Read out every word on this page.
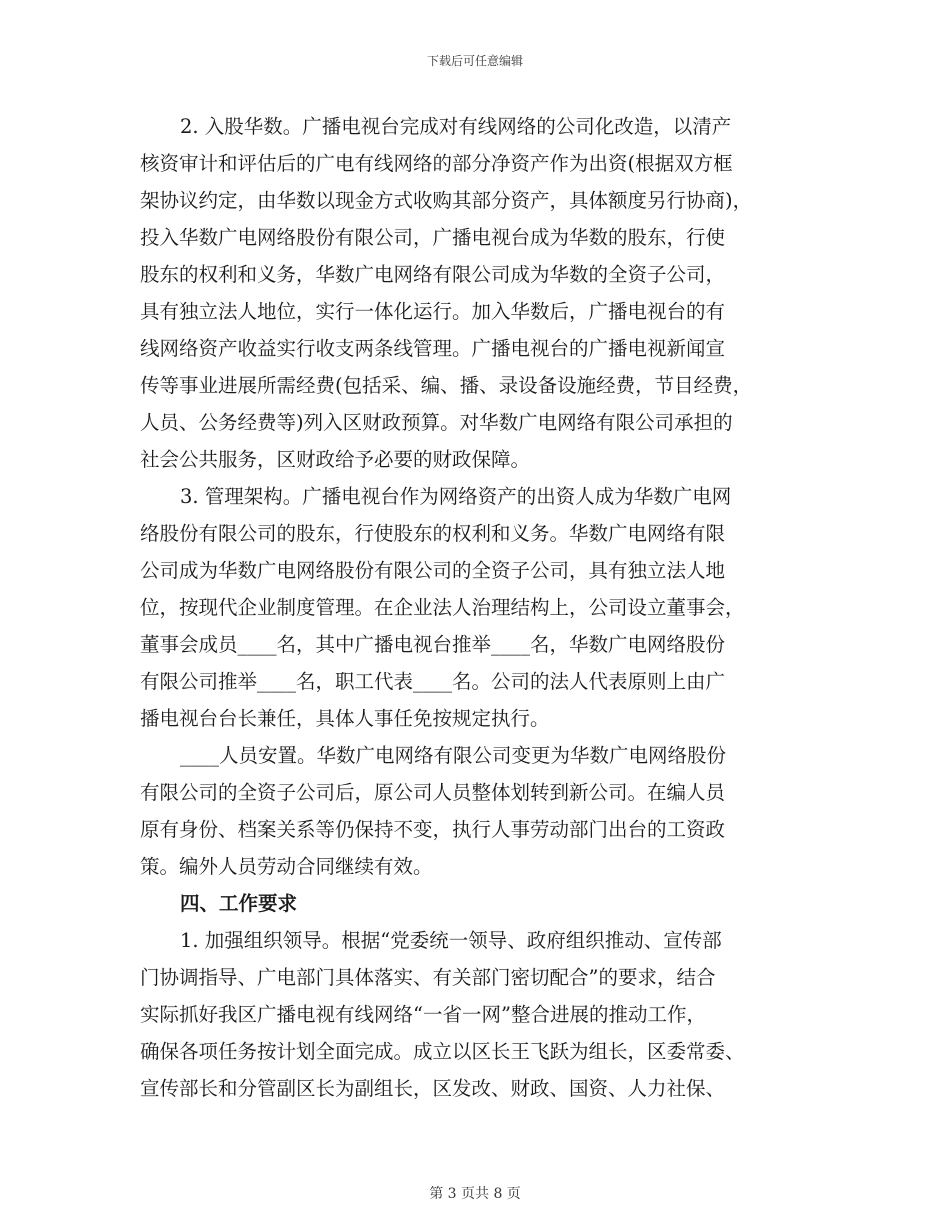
下载后可任意编辑
2. 入股华数。广播电视台完成对有线网络的公司化改造，以清产
核资审计和评估后的广电有线网络的部分净资产作为出资(根据双方框
架协议约定，由华数以现金方式收购其部分资产，具体额度另行协商)，
投入华数广电网络股份有限公司，广播电视台成为华数的股东，行使
股东的权利和义务，华数广电网络有限公司成为华数的全资子公司，
具有独立法人地位，实行一体化运行。加入华数后，广播电视台的有
线网络资产收益实行收支两条线管理。广播电视台的广播电视新闻宣
传等事业进展所需经费(包括采、编、播、录设备设施经费，节目经费，
人员、公务经费等)列入区财政预算。对华数广电网络有限公司承担的
社会公共服务，区财政给予必要的财政保障。
3. 管理架构。广播电视台作为网络资产的出资人成为华数广电网
络股份有限公司的股东，行使股东的权利和义务。华数广电网络有限
公司成为华数广电网络股份有限公司的全资子公司，具有独立法人地
位，按现代企业制度管理。在企业法人治理结构上，公司设立董事会，
董事会成员____名，其中广播电视台推举____名，华数广电网络股份
有限公司推举____名，职工代表____名。公司的法人代表原则上由广
播电视台台长兼任，具体人事任免按规定执行。
____人员安置。华数广电网络有限公司变更为华数广电网络股份
有限公司的全资子公司后，原公司人员整体划转到新公司。在编人员
原有身份、档案关系等仍保持不变，执行人事劳动部门出台的工资政
策。编外人员劳动合同继续有效。
四、工作要求
1. 加强组织领导。根据“党委统一领导、政府组织推动、宣传部
门协调指导、广电部门具体落实、有关部门密切配合”的要求，结合
实际抓好我区广播电视有线网络“一省一网”整合进展的推动工作，
确保各项任务按计划全面完成。成立以区长王飞跃为组长，区委常委、
宣传部长和分管副区长为副组长，区发改、财政、国资、人力社保、
第 3 页共 8 页
